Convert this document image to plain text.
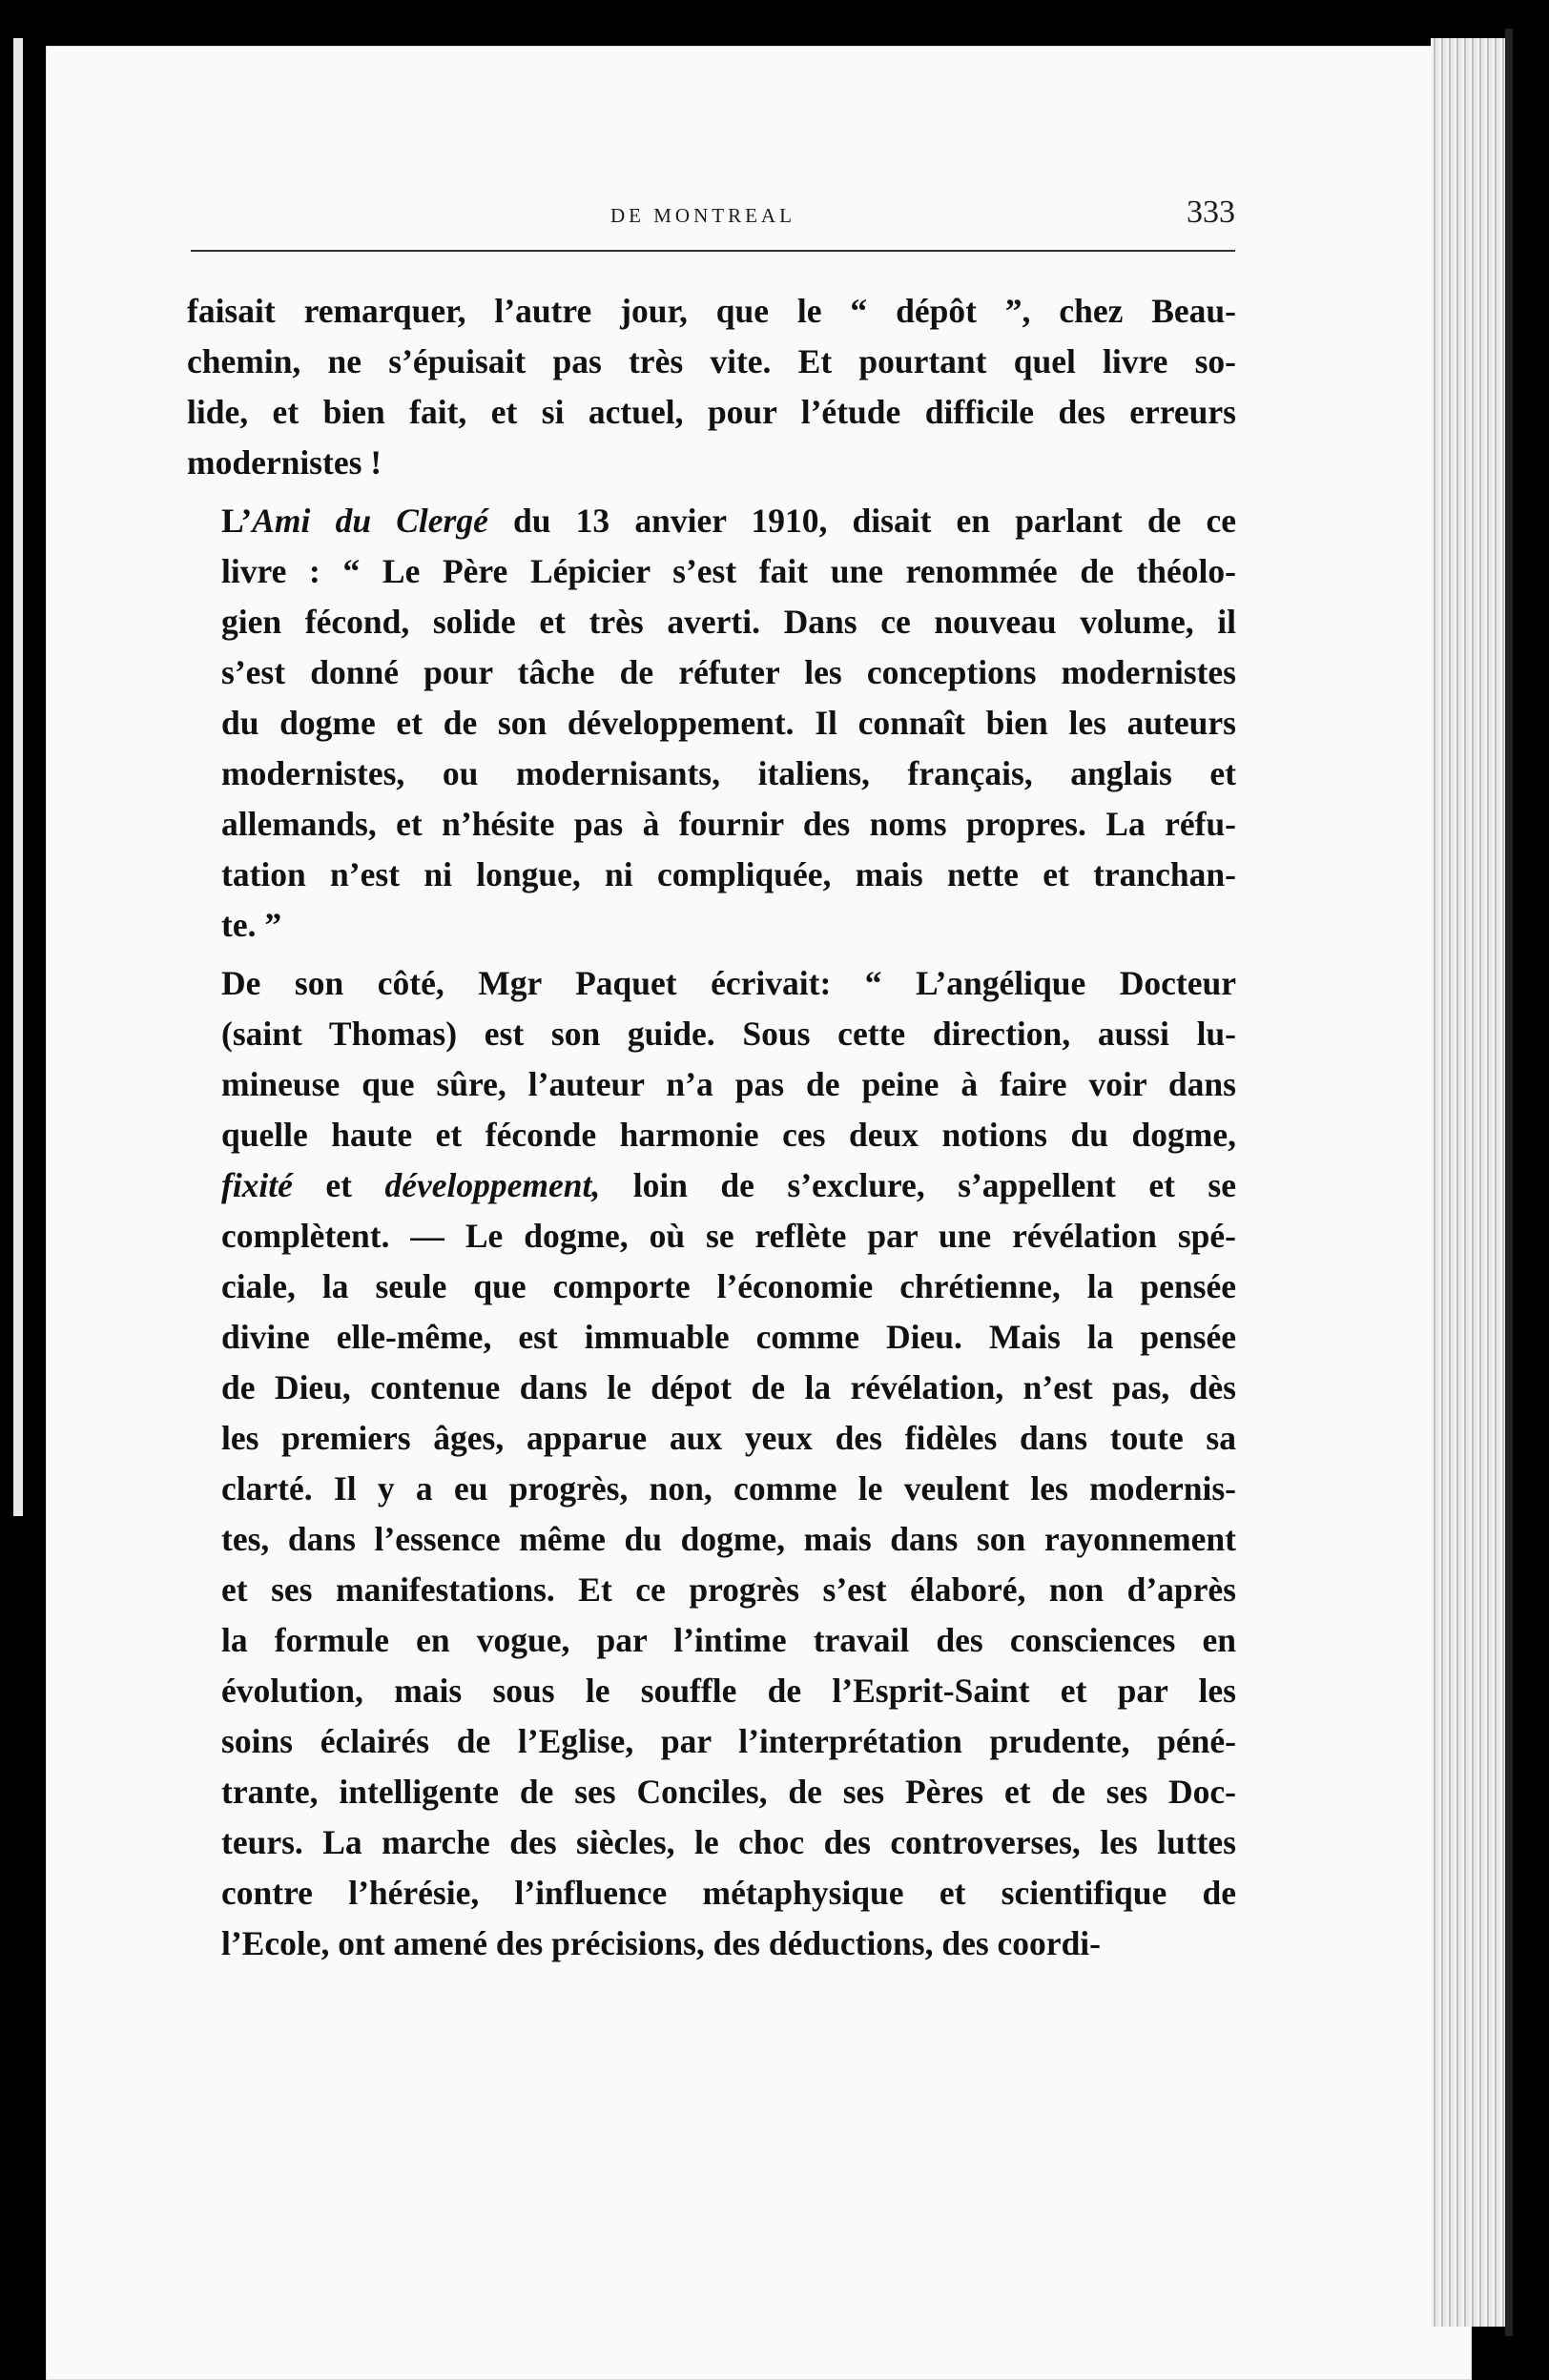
DE MONTREAL	333

faisait remarquer, l’autre jour, que le “ dépôt ”, chez Beau-
chemin, ne s’épuisait pas très vite. Et pourtant quel livre so-
lide, et bien fait, et si actuel, pour l’étude difficile des erreurs
modernistes !

L’Ami du Clergé du 13 anvier 1910, disait en parlant de ce
livre : “ Le Père Lépicier s’est fait une renommée de théolo-
gien fécond, solide et très averti. Dans ce nouveau volume, il
s’est donné pour tâche de réfuter les conceptions modernistes
du dogme et de son développement. Il connaît bien les auteurs
modernistes, ou modernisants, italiens, français, anglais et
allemands, et n’hésite pas à fournir des noms propres. La réfu-
tation n’est ni longue, ni compliquée, mais nette et tranchan-
te. ”

De son côté, Mgr Paquet écrivait: “ L’angélique Docteur
(saint Thomas) est son guide. Sous cette direction, aussi lu-
mineuse que sûre, l’auteur n’a pas de peine à faire voir dans
quelle haute et féconde harmonie ces deux notions du dogme,
fixité et développement, loin de s’exclure, s’appellent et se
complètent. — Le dogme, où se reflète par une révélation spé-
ciale, la seule que comporte l’économie chrétienne, la pensée
divine elle-même, est immuable comme Dieu. Mais la pensée
de Dieu, contenue dans le dépot de la révélation, n’est pas, dès
les premiers âges, apparue aux yeux des fidèles dans toute sa
clarté. Il y a eu progrès, non, comme le veulent les modernis-
tes, dans l’essence même du dogme, mais dans son rayonnement
et ses manifestations. Et ce progrès s’est élaboré, non d’après
la formule en vogue, par l’intime travail des consciences en
évolution, mais sous le souffle de l’Esprit-Saint et par les
soins éclairés de l’Eglise, par l’interprétation prudente, péné-
trante, intelligente de ses Conciles, de ses Pères et de ses Doc-
teurs. La marche des siècles, le choc des controverses, les luttes
contre l’hérésie, l’influence métaphysique et scientifique de
l’Ecole, ont amené des précisions, des déductions, des coordi-
